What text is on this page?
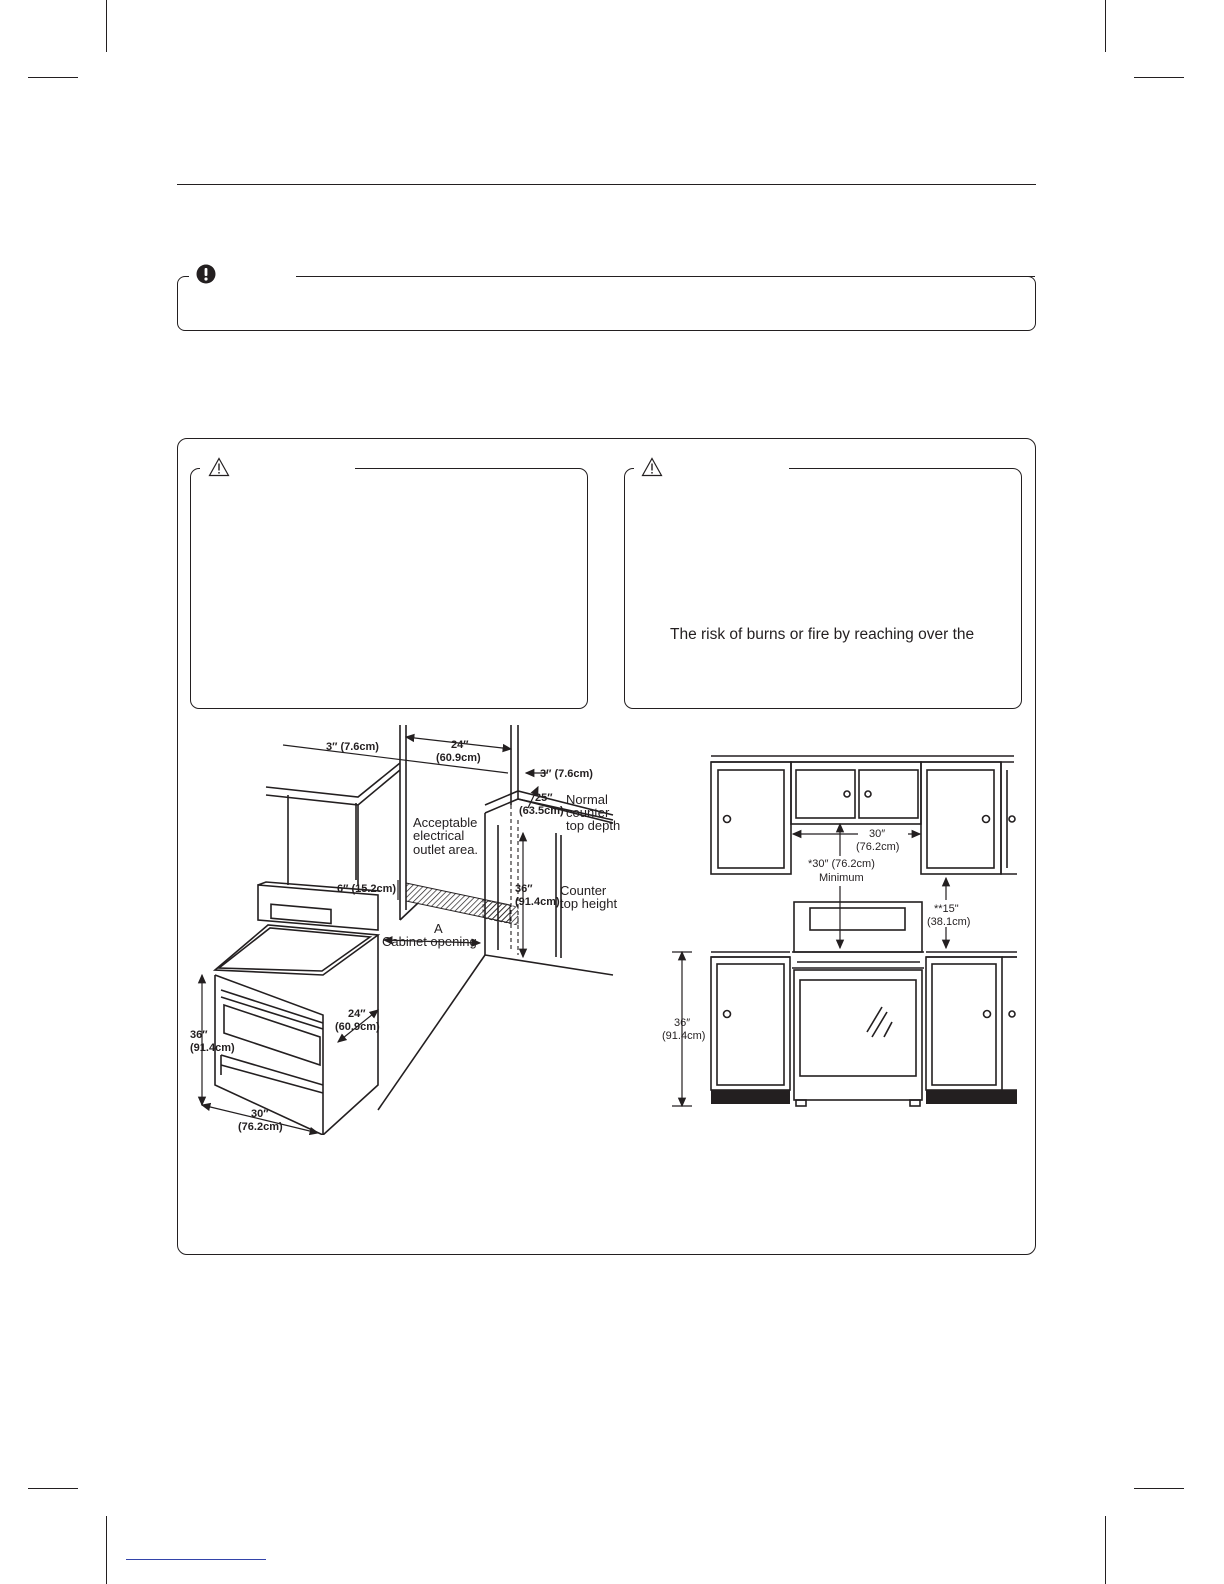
The risk of burns or fire by reaching over the
3″ (7.6cm)	24″
(60.9cm)
3″ (7.6cm)
25″
(63.5cm)
6″ (15.2cm)	36″
(91.4cm)
24″
(60.9cm)
36″
(91.4cm)
30″
(76.2cm)
Normal
counter
top depth
Acceptable
electrical
outlet area.
Counter
top height
A
Cabinet opening
30″
(76.2cm)
*30″ (76.2cm)
Minimum
**15"
(38.1cm)
36″
(91.4cm)
